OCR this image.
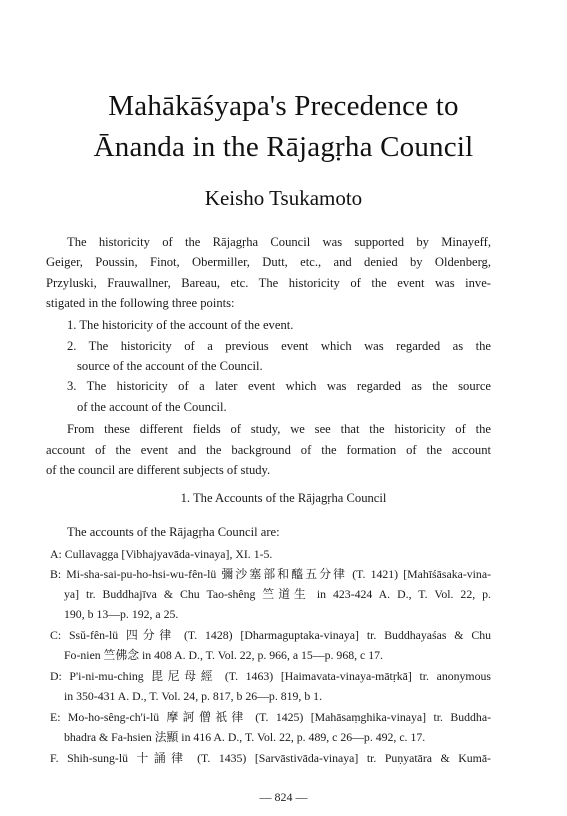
Mahākāśyapa's Precedence to
Ānanda in the Rājagṛha Council
Keisho Tsukamoto
The historicity of the Rājagṛha Council was supported by Minayeff,
Geiger, Poussin, Finot, Obermiller, Dutt, etc., and denied by Oldenberg,
Przyluski, Frauwallner, Bareau, etc. The historicity of the event was inve-
stigated in the following three points:
1. The historicity of the account of the event.
2. The historicity of a previous event which was regarded as the
source of the account of the Council.
3. The historicity of a later event which was regarded as the source
of the account of the Council.
From these different fields of study, we see that the historicity of the
account of the event and the background of the formation of the account
of the council are different subjects of study.
1. The Accounts of the Rājagṛha Council
The accounts of the Rājagṛha Council are:
A: Cullavagga [Vibhajyavāda-vinaya], XI. 1-5.
B: Mi-sha-sai-pu-ho-hsi-wu-fên-lü 彌沙塞部和醯五分律 (T. 1421) [Mahīśāsaka-vina-
ya] tr. Buddhajīva & Chu Tao-shêng 竺道生 in 423-424 A. D., T. Vol. 22, p.
190, b 13—p. 192, a 25.
C: Ssŭ-fên-lü 四分律 (T. 1428) [Dharmaguptaka-vinaya] tr. Buddhayaśas & Chu
Fo-nien 竺佛念 in 408 A. D., T. Vol. 22, p. 966, a 15—p. 968, c 17.
D: P'i-ni-mu-ching 毘尼母經 (T. 1463) [Haimavata-vinaya-mātṛkā] tr. anonymous
in 350-431 A. D., T. Vol. 24, p. 817, b 26—p. 819, b 1.
E: Mo-ho-sêng-ch'i-lü 摩訶僧祇律 (T. 1425) [Mahāsaṃghika-vinaya] tr. Buddha-
bhadra & Fa-hsien 法顯 in 416 A. D., T. Vol. 22, p. 489, c 26—p. 492, c. 17.
F. Shih-sung-lü 十誦律 (T. 1435) [Sarvāstivāda-vinaya] tr. Puṇyatāra & Kumā-
— 824 —
